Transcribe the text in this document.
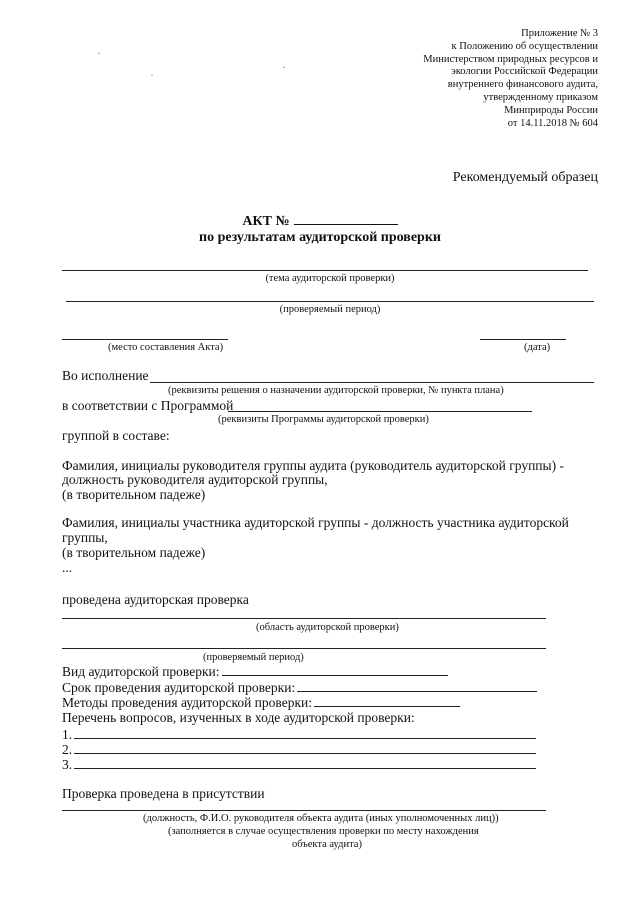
Приложение № 3
к Положению об осуществлении
Министерством природных ресурсов и
экологии Российской Федерации
внутреннего финансового аудита,
утвержденному приказом
Минприроды России
от 14.11.2018 № 604
·
·
·
Рекомендуемый образец
АКТ №
по результатам аудиторской проверки
(тема аудиторской проверки)
(проверяемый период)
(место составления Акта)	(дата)
Во исполнение
(реквизиты решения о назначении аудиторской проверки, № пункта плана)
в соответствии с Программой
(реквизиты Программы аудиторской проверки)
группой в составе:
Фамилия, инициалы руководителя группы аудита (руководитель аудиторской группы) -
должность руководителя аудиторской группы,
(в творительном падеже)
Фамилия, инициалы участника аудиторской группы - должность участника аудиторской
группы,
(в творительном падеже)
...
проведена аудиторская проверка
(область аудиторской проверки)
(проверяемый период)
Вид аудиторской проверки:
Срок проведения аудиторской проверки:
Методы проведения аудиторской проверки:
Перечень вопросов, изученных в ходе аудиторской проверки:
1.
2.
3.
Проверка проведена в присутствии
(должность, Ф.И.О. руководителя объекта аудита (иных уполномоченных лиц))
(заполняется в случае осуществления проверки по месту нахождения
объекта аудита)
